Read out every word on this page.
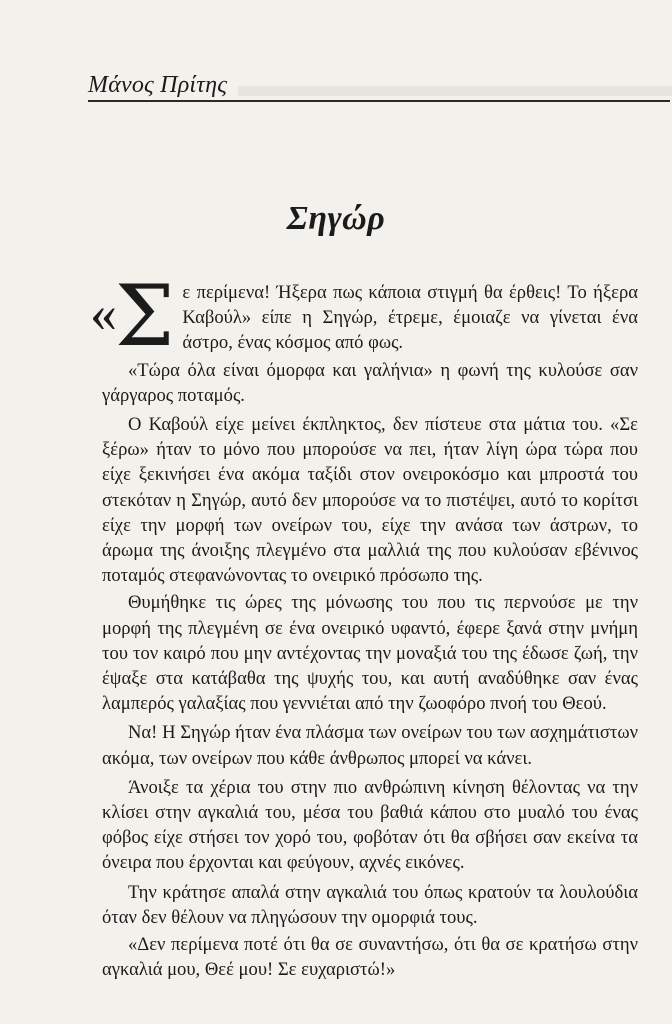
Μάνος Πρίτης
Σηγώρ

«
Σ ε περίμενα! Ήξερα πως κάποια στιγμή θα έρθεις! Το ήξερα Καβούλ» είπε η Σηγώρ, έτρεμε, έμοιαζε να γίνεται ένα άστρο, ένας κόσμος από φως.

«Τώρα όλα είναι όμορφα και γαλήνια» η φωνή της κυλούσε σαν γάργαρος ποταμός.

Ο Καβούλ είχε μείνει έκπληκτος, δεν πίστευε στα μάτια του. «Σε ξέρω» ήταν το μόνο που μπορούσε να πει, ήταν λίγη ώρα τώρα που είχε ξεκινήσει ένα ακόμα ταξίδι στον ονειροκόσμο και μπροστά του στεκόταν η Σηγώρ, αυτό δεν μπορούσε να το πιστέψει, αυτό το κορίτσι είχε την μορφή των ονείρων του, είχε την ανάσα των άστρων, το άρωμα της άνοιξης πλεγμένο στα μαλλιά της που κυλούσαν εβένινος ποταμός στεφανώνοντας το ονειρικό πρόσωπο της.

Θυμήθηκε τις ώρες της μόνωσης του που τις περνούσε με την μορφή της πλεγμένη σε ένα ονειρικό υφαντό, έφερε ξανά στην μνήμη του τον καιρό που μην αντέχοντας την μοναξιά του της έδωσε ζωή, την έψαξε στα κατάβαθα της ψυχής του, και αυτή αναδύθηκε σαν ένας λαμπερός γαλαξίας που γεννιέται από την ζωοφόρο πνοή του Θεού.

Να! Η Σηγώρ ήταν ένα πλάσμα των ονείρων του των ασχημάτιστων ακόμα, των ονείρων που κάθε άνθρωπος μπορεί να κάνει.

Άνοιξε τα χέρια του στην πιο ανθρώπινη κίνηση θέλοντας να την κλίσει στην αγκαλιά του, μέσα του βαθιά κάπου στο μυαλό του ένας φόβος είχε στήσει τον χορό του, φοβόταν ότι θα σβήσει σαν εκείνα τα όνειρα που έρχονται και φεύγουν, αχνές εικόνες.

Την κράτησε απαλά στην αγκαλιά του όπως κρατούν τα λουλούδια όταν δεν θέλουν να πληγώσουν την ομορφιά τους.

«Δεν περίμενα ποτέ ότι θα σε συναντήσω, ότι θα σε κρατήσω στην αγκαλιά μου, Θεέ μου! Σε ευχαριστώ!»
